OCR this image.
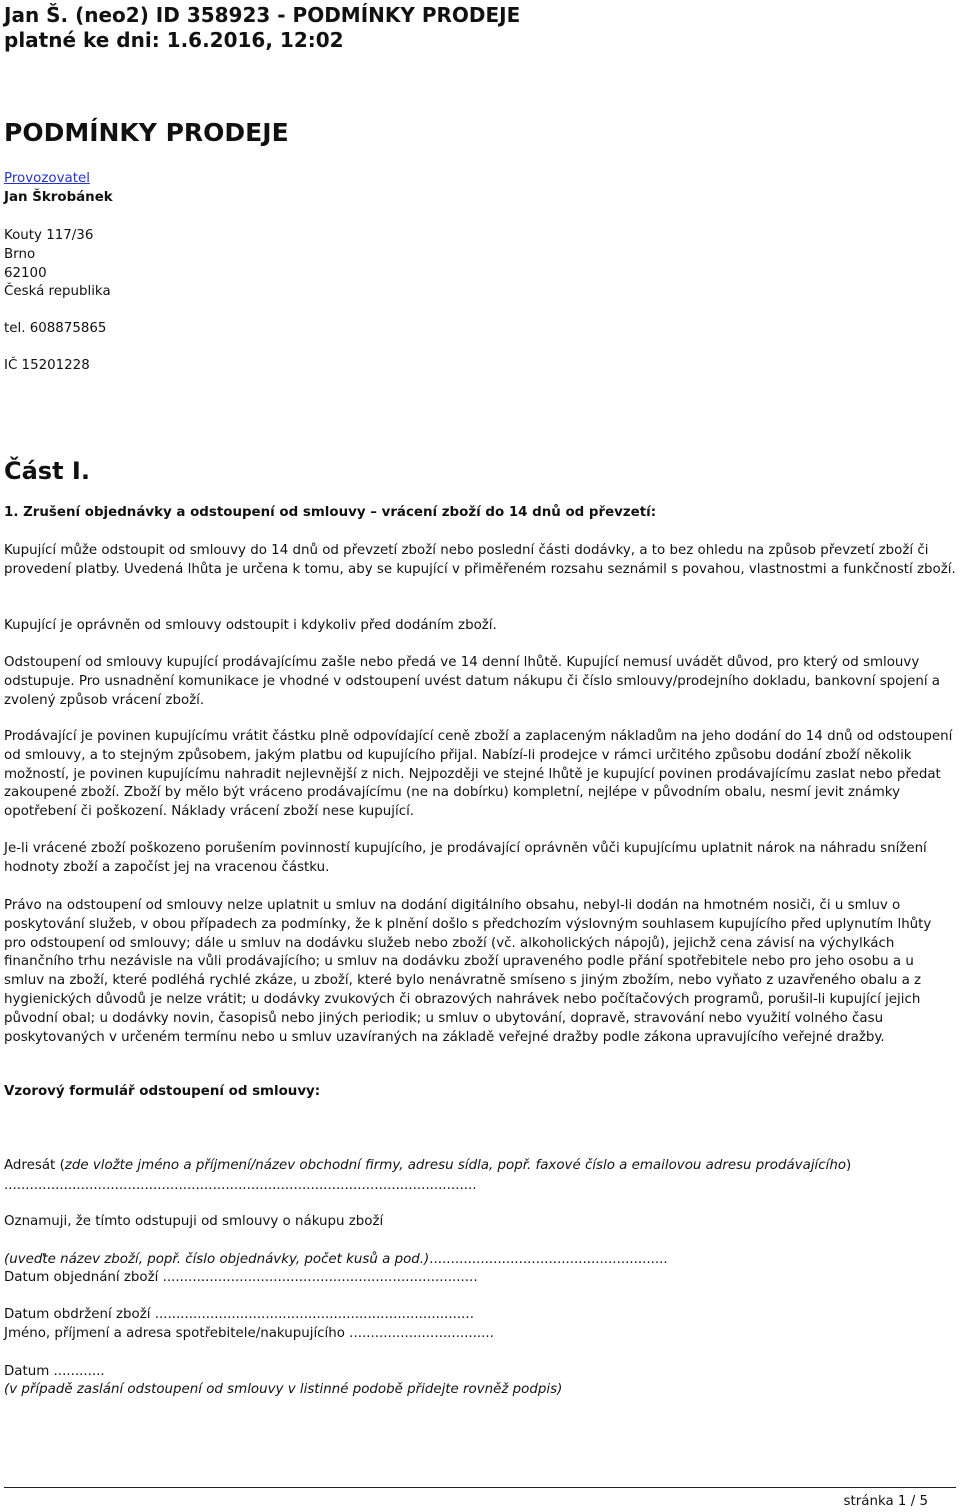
Jan Š. (neo2) ID 358923 - PODMÍNKY PRODEJE
platné ke dni: 1.6.2016, 12:02
PODMÍNKY PRODEJE
Provozovatel
Jan Škrobánek
Kouty 117/36
Brno
62100
Česká republika
tel. 608875865
IČ 15201228
Část I.
1. Zrušení objednávky a odstoupení od smlouvy – vrácení zboží do 14 dnů od převzetí:
Kupující může odstoupit od smlouvy do 14 dnů od převzetí zboží nebo poslední části dodávky, a to bez ohledu na způsob převzetí zboží či provedení platby. Uvedená lhůta je určena k tomu, aby se kupující v přiměřeném rozsahu seznámil s povahou, vlastnostmi a funkčností zboží.
Kupující je oprávněn od smlouvy odstoupit i kdykoliv před dodáním zboží.
Odstoupení od smlouvy kupující prodávajícímu zašle nebo předá ve 14 denní lhůtě. Kupující nemusí uvádět důvod, pro který od smlouvy odstupuje. Pro usnadnění komunikace je vhodné v odstoupení uvést datum nákupu či číslo smlouvy/prodejního dokladu, bankovní spojení a zvolený způsob vrácení zboží.
Prodávající je povinen kupujícímu vrátit částku plně odpovídající ceně zboží a zaplaceným nákladům na jeho dodání do 14 dnů od odstoupení od smlouvy, a to stejným způsobem, jakým platbu od kupujícího přijal. Nabízí-li prodejce v rámci určitého způsobu dodání zboží několik možností, je povinen kupujícímu nahradit nejlevnější z nich. Nejpozději ve stejné lhůtě je kupující povinen prodávajícímu zaslat nebo předat zakoupené zboží. Zboží by mělo být vráceno prodávajícímu (ne na dobírku) kompletní, nejlépe v původním obalu, nesmí jevit známky opotřebení či poškození. Náklady vrácení zboží nese kupující.
Je-li vrácené zboží poškozeno porušením povinností kupujícího, je prodávající oprávněn vůči kupujícímu uplatnit nárok na náhradu snížení hodnoty zboží a započíst jej na vracenou částku.
Právo na odstoupení od smlouvy nelze uplatnit u smluv na dodání digitálního obsahu, nebyl-li dodán na hmotném nosiči, či u smluv o poskytování služeb, v obou případech za podmínky, že k plnění došlo s předchozím výslovným souhlasem kupujícího před uplynutím lhůty pro odstoupení od smlouvy; dále u smluv na dodávku služeb nebo zboží (vč. alkoholických nápojů), jejichž cena závisí na výchylkách finančního trhu nezávisle na vůli prodávajícího; u smluv na dodávku zboží upraveného podle přání spotřebitele nebo pro jeho osobu a u smluv na zboží, které podléhá rychlé zkáze, u zboží, které bylo nenávratně smíseno s jiným zbožím, nebo vyňato z uzavřeného obalu a z hygienických důvodů je nelze vrátit; u dodávky zvukových či obrazových nahrávek nebo počítačových programů, porušil-li kupující jejich původní obal; u dodávky novin, časopisů nebo jiných periodik; u smluv o ubytování, dopravě, stravování nebo využití volného času poskytovaných v určeném termínu nebo u smluv uzavíraných na základě veřejné dražby podle zákona upravujícího veřejné dražby.
Vzorový formulář odstoupení od smlouvy:
Adresát (zde vložte jméno a příjmení/název obchodní firmy, adresu sídla, popř. faxové číslo a emailovou adresu prodávajícího)
...............................................................................................................
Oznamuji, že tímto odstupuji od smlouvy o nákupu zboží
(uveďte název zboží, popř. číslo objednávky, počet kusů a pod.)........................................................
Datum objednání zboží ..........................................................................
Datum obdržení zboží ...........................................................................
Jméno, příjmení a adresa spotřebitele/nakupujícího ..................................
Datum ............
(v případě zaslání odstoupení od smlouvy v listinné podobě přidejte rovněž podpis)
stránka 1 / 5
